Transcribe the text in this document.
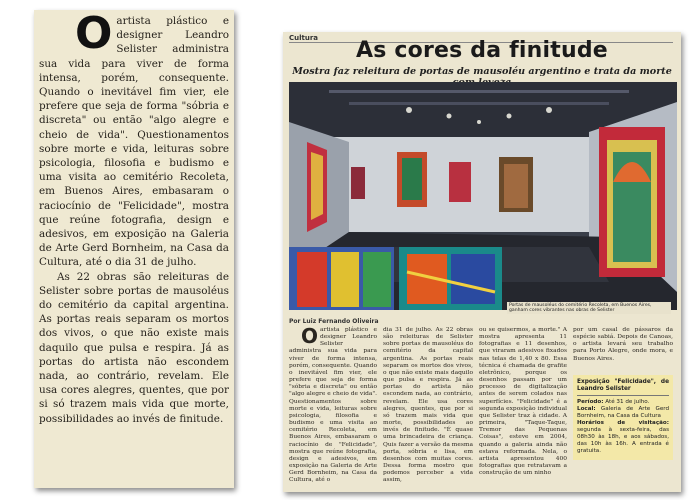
Oartista plástico e designer Leandro Selister administra sua vida para viver de forma intensa, porém, consequente. Quando o inevitável fim vier, ele prefere que seja de forma "sóbria e discreta" ou então "algo alegre e cheio de vida". Questionamentos sobre morte e vida, leituras sobre psicologia, filosofia e budismo e uma visita ao cemitério Recoleta, em Buenos Aires, embasaram o raciocínio de "Felicidade", mostra que reúne fotografia, design e adesivos, em exposição na Galeria de Arte Gerd Bornheim, na Casa da Cultura, até o dia 31 de julho.

As 22 obras são releituras de Selister sobre portas de mausoléus do cemitério da capital argentina. As portas reais separam os mortos dos vivos, o que não existe mais daquilo que pulsa e respira. Já as portas do artista não escondem nada, ao contrário, revelam. Ele usa cores alegres, quentes, que por si só trazem mais vida que morte, possibilidades ao invés de finitude.

Cultura	As cores da finitude
Mostra faz releitura de portas de mausoléu argentino e trata da morte
Portas de mausoléus do cemitério Recoleta, em Buenos Aires, ganham cores vibrantes nas obras de Selister
Por Luiz Fernando Oliveira

Oartista plástico e designer Leandro Selister administra sua vida para viver de forma intensa, porém, consequente. Quando o inevitável fim vier, ele prefere que seja de forma "sóbria e discreta" ou então "algo alegre e cheio de vida". Questionamentos sobre morte e vida, leituras sobre psicologia, filosofia e budismo e uma visita ao cemitério Recoleta, em Buenos Aires, embasaram o raciocínio de "Felicidade", mostra que reúne fotografia, design e adesivos, em exposição na Galeria de Arte Gerd Bornheim, na Casa da Cultura, até o

dia 31 de julho. As 22 obras são releituras de Selister sobre portas de mausoléus do cemitério da capital argentina. As portas reais separam os mortos dos vivos, o que não existe mais daquilo que pulsa e respira. Já as portas do artista não escondem nada, ao contrário, revelam. Ele usa cores alegres, quentes, que por si só trazem mais vida que morte, possibilidades ao invés de finitude. "É quase uma brincadeira de criança. Quis fazer a versão da mesma porta, sóbria e lisa, em desenhos com muitas cores. Dessa forma mostro que podemos perceber a vida assim,
ou se quisermos, a morte." A mostra apresenta 11 fotografias e 11 desenhos, que viraram adesivos fixados nas telas de 1,40 x 80. Essa técnica é chamada de grafite eletrônico, porque os desenhos passam por um processo de digitalização antes de serem colados nas superfícies. "Felicidade" é a segunda exposição individual que Selister traz à cidade. A primeira, "Taque-Taque, Tremor das Pequenas Coisas", esteve em 2004, quando a galeria ainda não estava reformada. Nela, o artista apresentou 400 fotografias que retratavam a construção de um ninho

por um casal de pássaros da espécie sabiá. Depois de Canoas, o artista levará seu trabalho para Porto Alegre, onde mora, e Buenos Aires.

Exposição "Felicidade", de Leandro Selister
Período: Até 31 de julho.
Local: Galeria de Arte Gerd Bornheim, na Casa da Cultura
Horários de visitação: segunda à sexta-feira, das 08h30 às 18h, e aos sábados, das 10h às 16h. A entrada é gratuita.
